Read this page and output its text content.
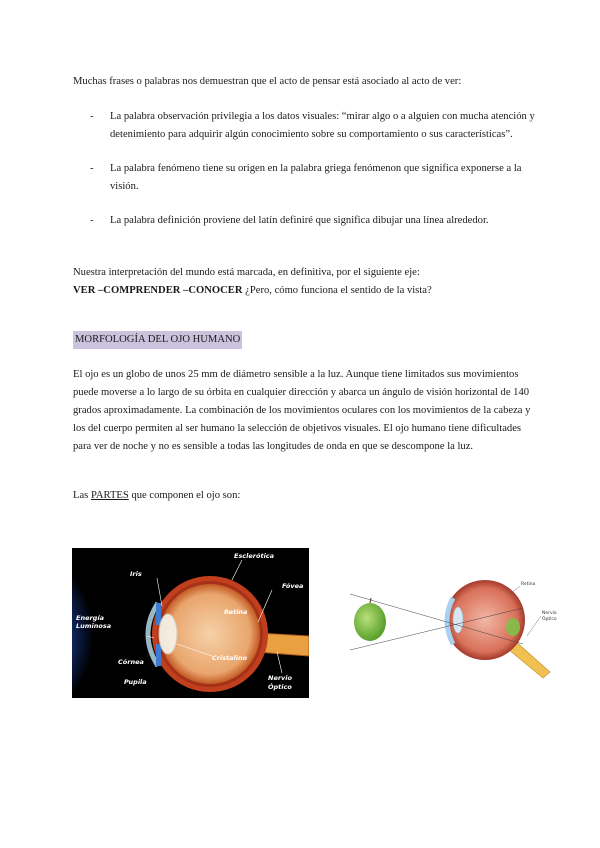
Muchas frases o palabras nos demuestran que el acto de pensar está asociado al acto de ver:

- La palabra observación privilegia a los datos visuales: “mirar algo o a alguien con mucha atención y detenimiento para adquirir algún conocimiento sobre su comportamiento o sus características”.
- La palabra fenómeno tiene su origen en la palabra griega fenómenon que significa exponerse a la visión.
- La palabra definición proviene del latín definiré que significa dibujar una línea alrededor.

Nuestra interpretación del mundo está marcada, en definitiva, por el siguiente eje:

VER –COMPRENDER –CONOCER ¿Pero, cómo funciona el sentido de la vista?

MORFOLOGÍA DEL OJO HUMANO

El ojo es un globo de unos 25 mm de diámetro sensible a la luz. Aunque tiene limitados sus movimientos puede moverse a lo largo de su órbita en cualquier dirección y abarca un ángulo de visión horizontal de 140 grados aproximadamente. La combinación de los movimientos oculares con los movimientos de la cabeza y los del cuerpo permiten al ser humano la selección de objetivos visuales. El ojo humano tiene dificultades para ver de noche y no es sensible a todas las longitudes de onda en que se descompone la luz.

Las PARTES que componen el ojo son:

Esclerótica
Iris
Fóvea
Retina
Energía
Luminosa
Cristalino
Córnea
Pupila	Nervio
Óptico
Retina
Nervio
Óptico
